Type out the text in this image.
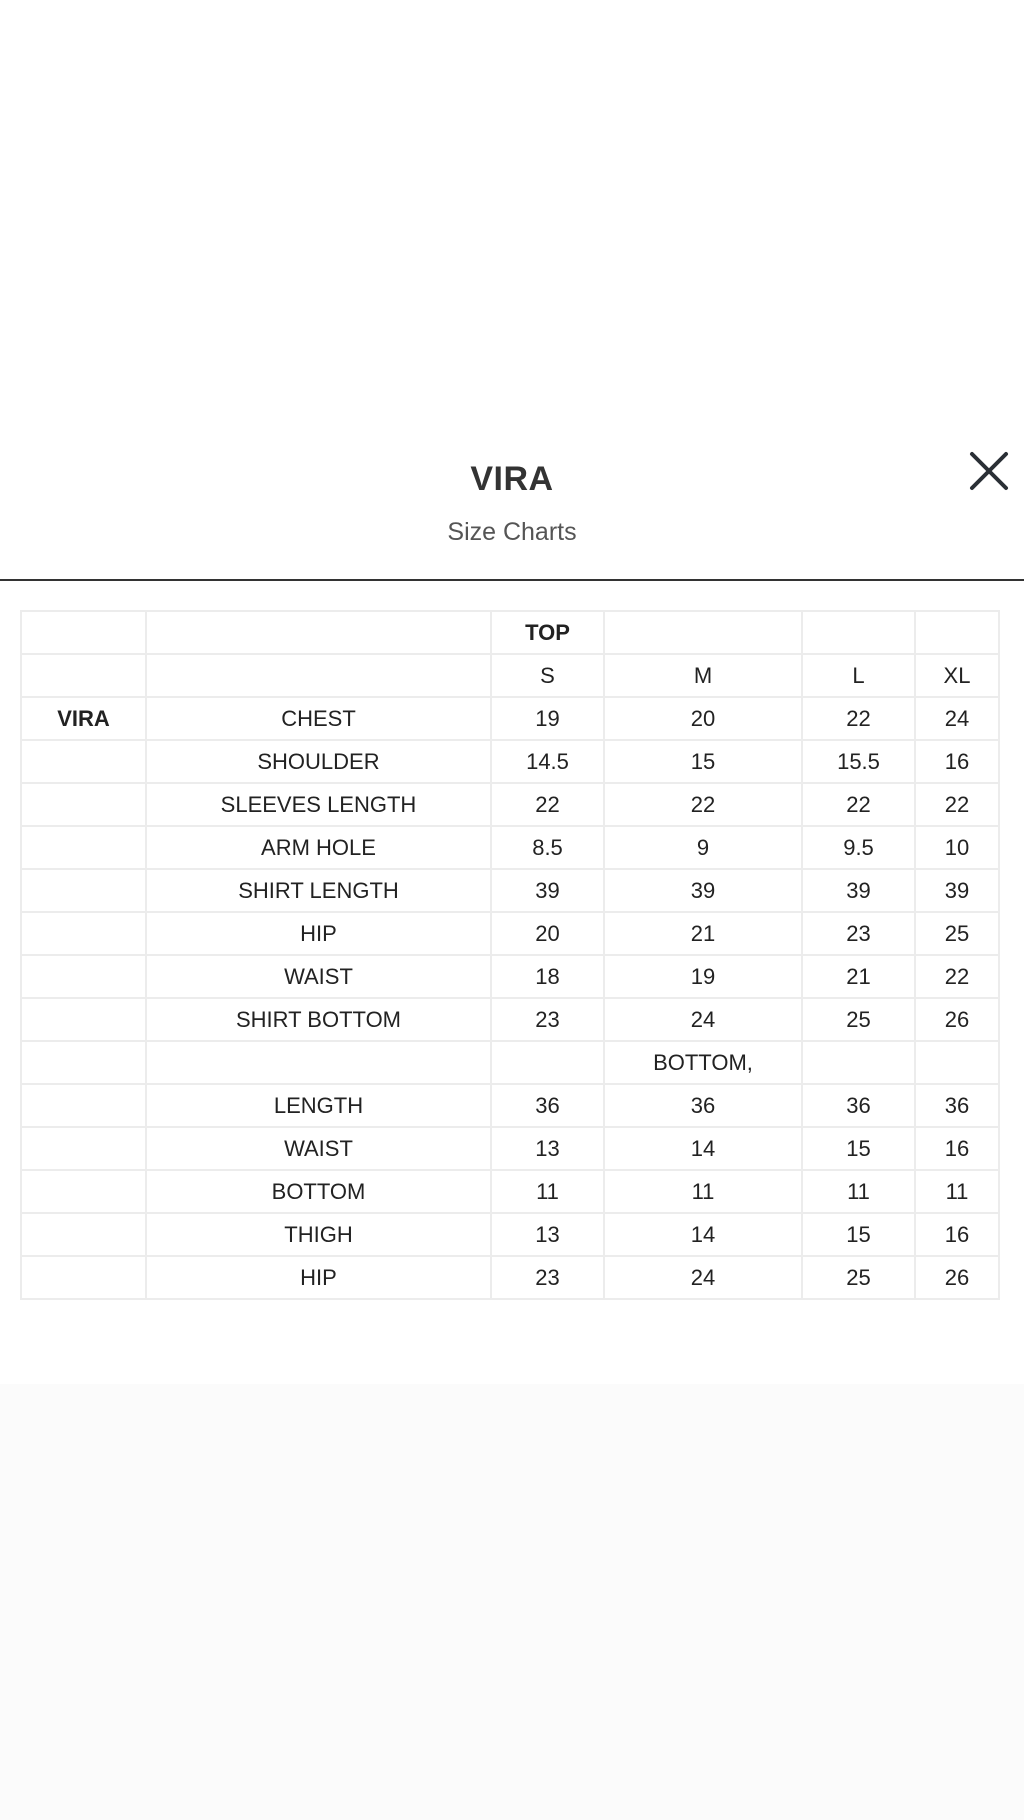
VIRA
Size Charts
		TOP			
		S	M	L	XL
VIRA	CHEST	19	20	22	24
	SHOULDER	14.5	15	15.5	16
	SLEEVES LENGTH	22	22	22	22
	ARM HOLE	8.5	9	9.5	10
	SHIRT LENGTH	39	39	39	39
	HIP	20	21	23	25
	WAIST	18	19	21	22
	SHIRT BOTTOM	23	24	25	26
			BOTTOM,		
	LENGTH	36	36	36	36
	WAIST	13	14	15	16
	BOTTOM	11	11	11	11
	THIGH	13	14	15	16
	HIP	23	24	25	26
